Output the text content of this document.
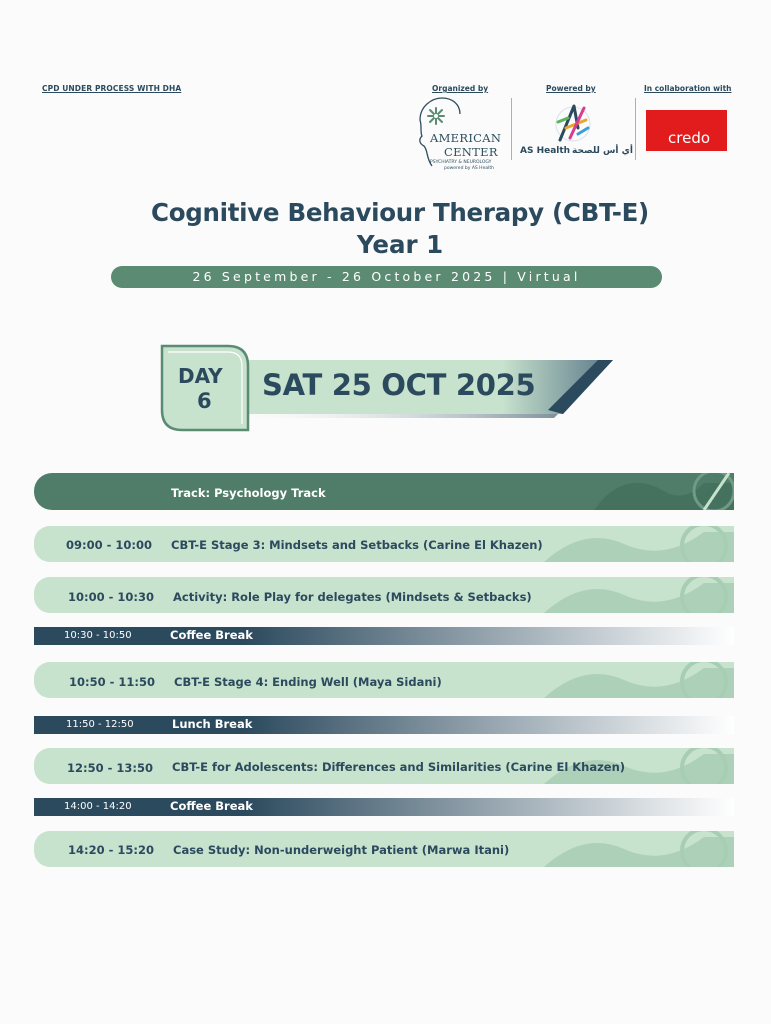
CPD UNDER PROCESS WITH DHA	Organized by	Powered by	In collaboration with
AMERICAN
CENTER
PSYCHIATRY & NEUROLOGY
powered by AS Health
AS Health أي أس للصحة
credo
Cognitive Behaviour Therapy (CBT-E)
Year 1
26 September - 26 October 2025 | Virtual
DAY
6 SAT 25 OCT 2025
Track: Psychology Track
09:00 - 10:00 CBT-E Stage 3: Mindsets and Setbacks (Carine El Khazen)
10:00 - 10:30 Activity: Role Play for delegates (Mindsets & Setbacks)
10:30 - 10:50	Coffee Break
10:50 - 11:50 CBT-E Stage 4: Ending Well (Maya Sidani)
11:50 - 12:50	Lunch Break
12:50 - 13:50 CBT-E for Adolescents: Differences and Similarities (Carine El Khazen)
14:00 - 14:20	Coffee Break
14:20 - 15:20 Case Study: Non-underweight Patient (Marwa Itani)
